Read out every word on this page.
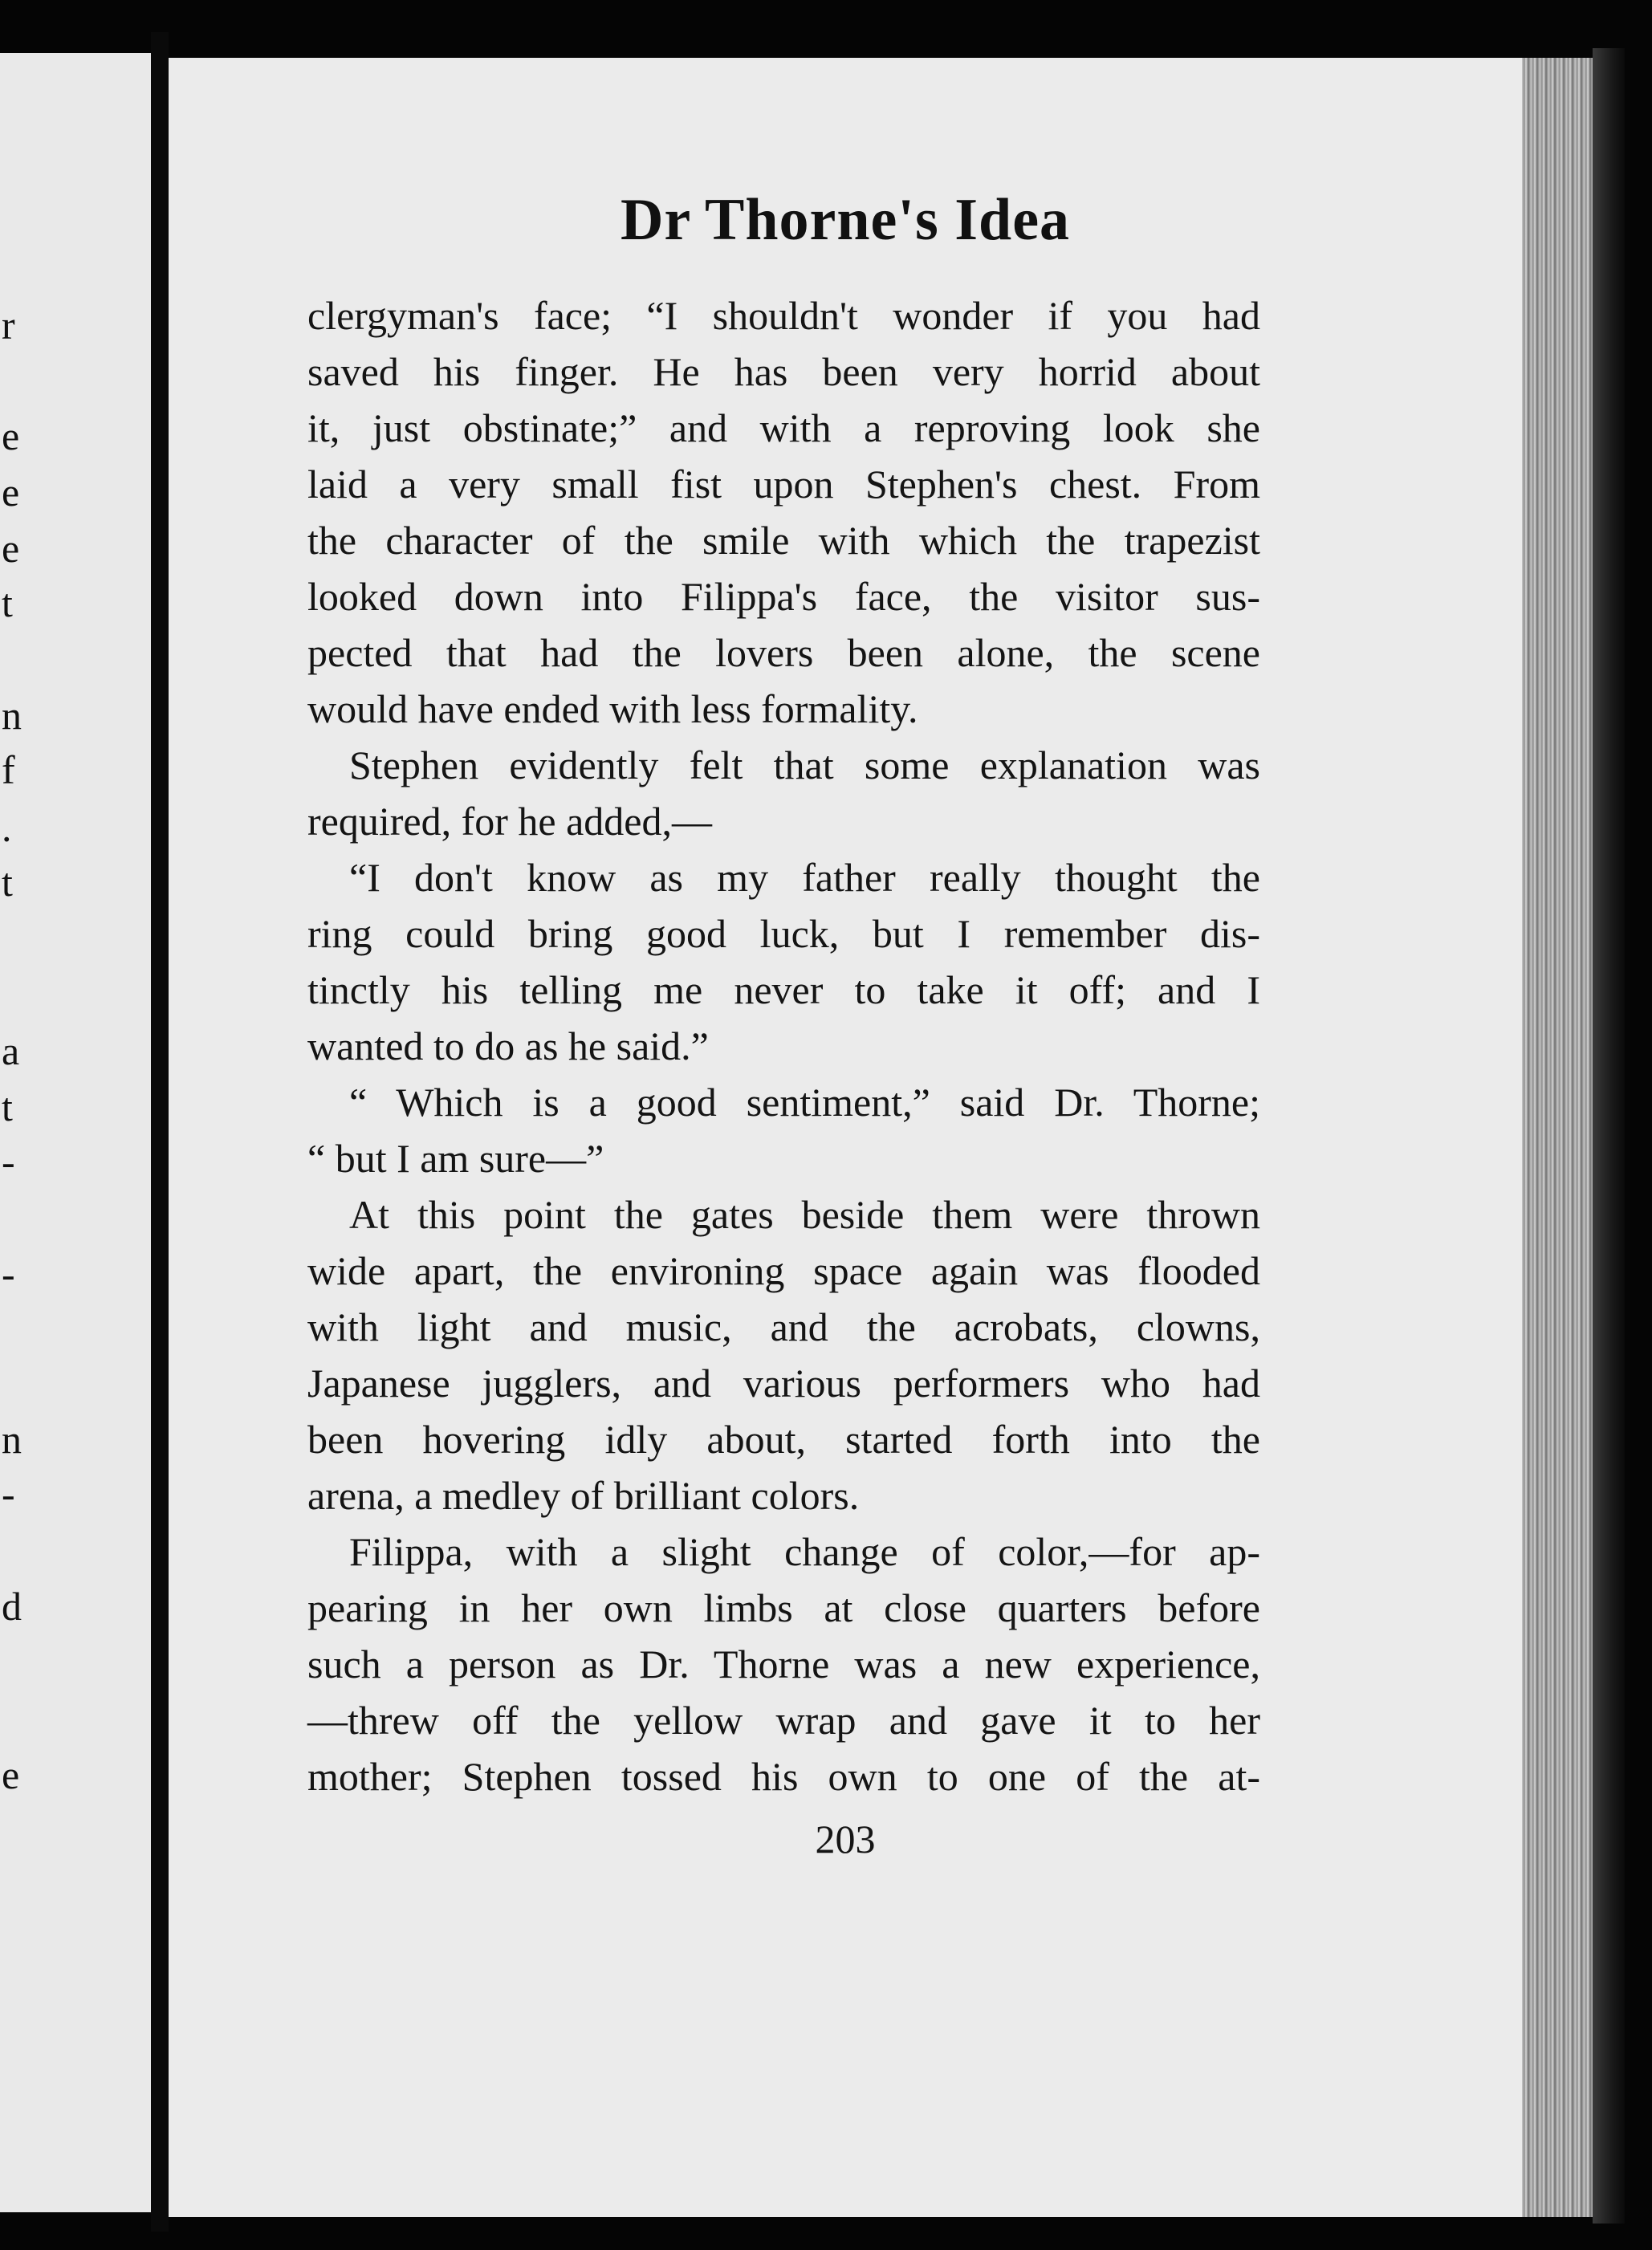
r
e
e
e
t
n
f
.
t
a
t
-
-
n
-
d
e
Dr Thorne's Idea
clergyman's face; “I shouldn't wonder if you had
saved his finger. He has been very horrid about
it, just obstinate;” and with a reproving look she
laid a very small fist upon Stephen's chest. From
the character of the smile with which the trapezist
looked down into Filippa's face, the visitor sus-
pected that had the lovers been alone, the scene
would have ended with less formality.
Stephen evidently felt that some explanation was
required, for he added,—
“I don't know as my father really thought the
ring could bring good luck, but I remember dis-
tinctly his telling me never to take it off; and I
wanted to do as he said.”
“ Which is a good sentiment,” said Dr. Thorne;
“ but I am sure—”
At this point the gates beside them were thrown
wide apart, the environing space again was flooded
with light and music, and the acrobats, clowns,
Japanese jugglers, and various performers who had
been hovering idly about, started forth into the
arena, a medley of brilliant colors.
Filippa, with a slight change of color,—for ap-
pearing in her own limbs at close quarters before
such a person as Dr. Thorne was a new experience,
—threw off the yellow wrap and gave it to her
mother; Stephen tossed his own to one of the at-
203
